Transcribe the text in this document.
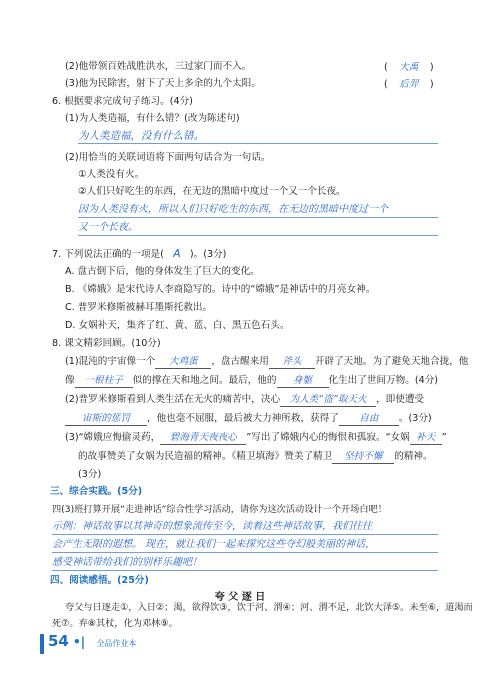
(2)他带领百姓战胜洪水，三过家门而不入。	( 大禹 )
(3)他为民除害，射下了天上多余的九个太阳。	( 后羿 )
6. 根据要求完成句子练习。(4分)
(1)为人类造福，有什么错？(改为陈述句)
为人类造福，没有什么错。
(2)用恰当的关联词语将下面两句话合为一句话。
①人类没有火。
②人们只好吃生的东西，在无边的黑暗中度过一个又一个长夜。
因为人类没有火，所以人们只好吃生的东西，在无边的黑暗中度过一个
又一个长夜。
7. 下列说法正确的一项是( A )。(3分)
A. 盘古倒下后，他的身体发生了巨大的变化。
B. 《嫦娥》是宋代诗人李商隐写的。诗中的“嫦娥”是神话中的月亮女神。
C. 普罗米修斯被赫耳墨斯托救出。
D. 女娲补天，集齐了红、黄、蓝、白、黑五色石头。
8. 课文精彩回顾。(10分)
(1)混沌的宇宙像一个 大鸡蛋 ，盘古醒来用 斧头 开辟了天地。为了避免天地合拢，他
像 一根柱子 似的撑在天和地之间。最后，他的 身躯 化生出了世间万物。(4分)
(2)普罗米修斯看到人类生活在无火的痛苦中，决心 为人类“盗”取天火 ，即使遭受
宙斯的惩罚 ，他也毫不屈服，最后被大力神所救，获得了 自由 。(3分)
(3)“嫦娥应悔偷灵药， 碧海青天夜夜心 ”写出了嫦娥内心的悔恨和孤寂。“女娲 补天 ”
的故事赞美了女娲为民造福的精神。《精卫填海》赞美了精卫 坚持不懈 的精神。
(3分)
三、综合实践。(5分)
四(3)班打算开展“走进神话”综合性学习活动，请你为这次活动设计一个开场白吧！
示例：神话故事以其神奇的想象流传至今，读着这些神话故事，我们往往
会产生无限的遐想。 现在，就让我们一起来探究这些夺幻般美丽的神话，
感受神话带给我们的别样乐趣吧！
四、阅读感悟。(25分)
夸 父 逐 日
夸父与日逐走①，入日②；渴，欲得饮③，饮于河、渭④；河、渭不足，北饮大泽⑤。未至⑥，道渴而
死⑦。弃⑧其杖，化为邓林⑨。
54 •| 全品作业本
